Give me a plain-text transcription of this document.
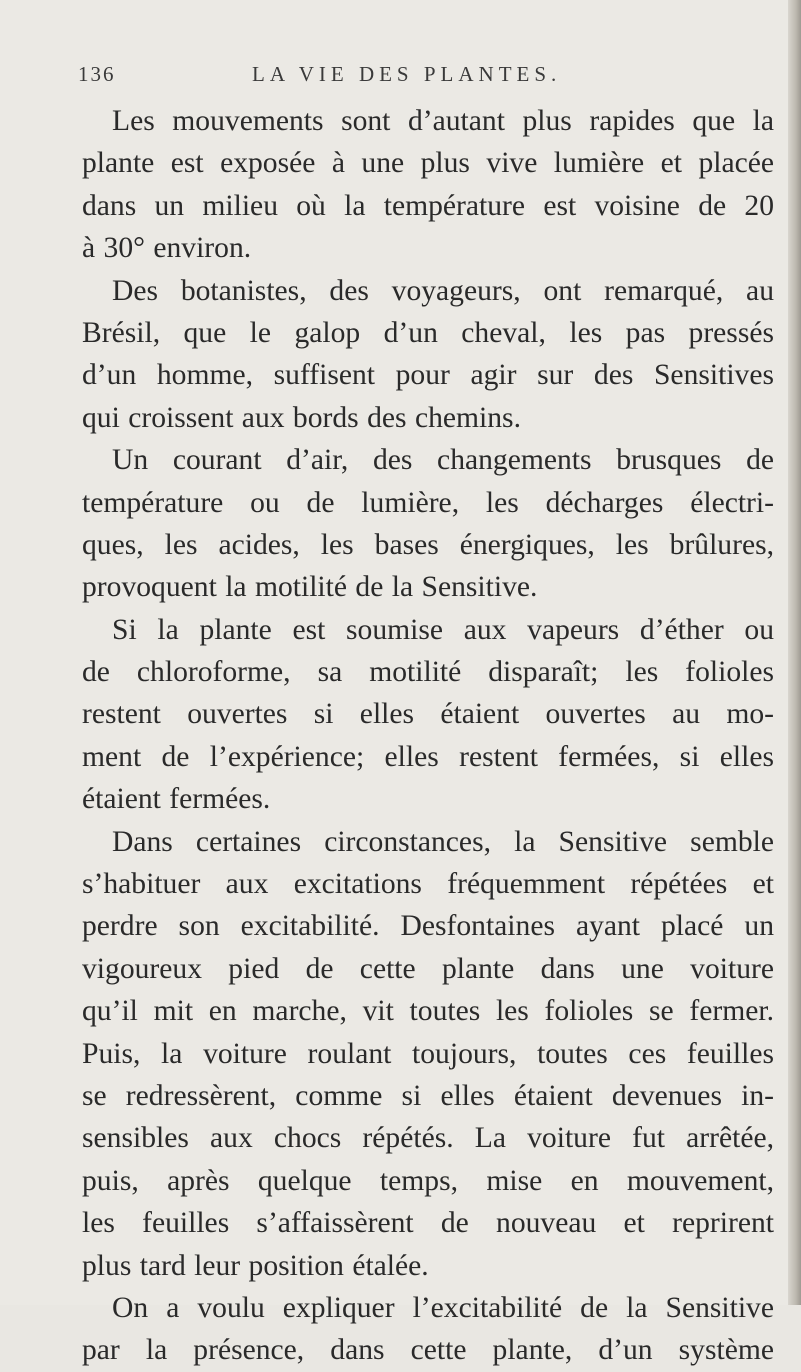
136	LA VIE DES PLANTES.
Les mouvements sont d’autant plus rapides que la
plante est exposée à une plus vive lumière et placée
dans un milieu où la température est voisine de 20
à 30° environ.
Des botanistes, des voyageurs, ont remarqué, au
Brésil, que le galop d’un cheval, les pas pressés
d’un homme, suffisent pour agir sur des Sensitives
qui croissent aux bords des chemins.
Un courant d’air, des changements brusques de
température ou de lumière, les décharges électri-
ques, les acides, les bases énergiques, les brûlures,
provoquent la motilité de la Sensitive.
Si la plante est soumise aux vapeurs d’éther ou
de chloroforme, sa motilité disparaît; les folioles
restent ouvertes si elles étaient ouvertes au mo-
ment de l’expérience; elles restent fermées, si elles
étaient fermées.
Dans certaines circonstances, la Sensitive semble
s’habituer aux excitations fréquemment répétées et
perdre son excitabilité. Desfontaines ayant placé un
vigoureux pied de cette plante dans une voiture
qu’il mit en marche, vit toutes les folioles se fermer.
Puis, la voiture roulant toujours, toutes ces feuilles
se redressèrent, comme si elles étaient devenues in-
sensibles aux chocs répétés. La voiture fut arrêtée,
puis, après quelque temps, mise en mouvement,
les feuilles s’affaissèrent de nouveau et reprirent
plus tard leur position étalée.
On a voulu expliquer l’excitabilité de la Sensitive
par la présence, dans cette plante, d’un système
